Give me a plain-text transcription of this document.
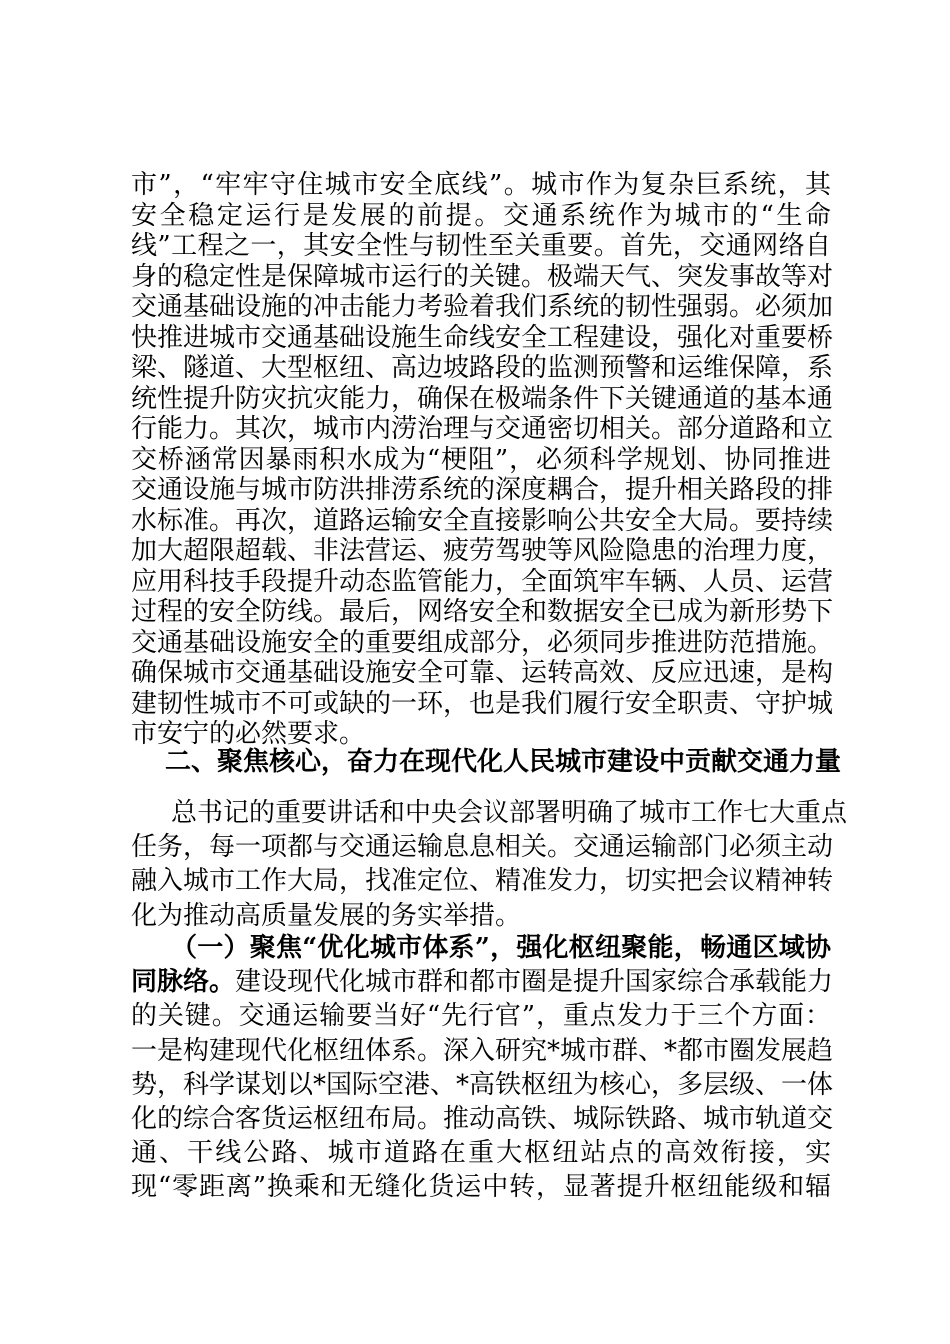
市”，“牢牢守住城市安全底线”。城市作为复杂巨系统，其
安全稳定运行是发展的前提。交通系统作为城市的“生命
线”工程之一，其安全性与韧性至关重要。首先，交通网络自
身的稳定性是保障城市运行的关键。极端天气、突发事故等对
交通基础设施的冲击能力考验着我们系统的韧性强弱。必须加
快推进城市交通基础设施生命线安全工程建设，强化对重要桥
梁、隧道、大型枢纽、高边坡路段的监测预警和运维保障，系
统性提升防灾抗灾能力，确保在极端条件下关键通道的基本通
行能力。其次，城市内涝治理与交通密切相关。部分道路和立
交桥涵常因暴雨积水成为“梗阻”，必须科学规划、协同推进
交通设施与城市防洪排涝系统的深度耦合，提升相关路段的排
水标准。再次，道路运输安全直接影响公共安全大局。要持续
加大超限超载、非法营运、疲劳驾驶等风险隐患的治理力度，
应用科技手段提升动态监管能力，全面筑牢车辆、人员、运营
过程的安全防线。最后，网络安全和数据安全已成为新形势下
交通基础设施安全的重要组成部分，必须同步推进防范措施。
确保城市交通基础设施安全可靠、运转高效、反应迅速，是构
建韧性城市不可或缺的一环，也是我们履行安全职责、守护城
市安宁的必然要求。
二、聚焦核心，奋力在现代化人民城市建设中贡献交通力量
总书记的重要讲话和中央会议部署明确了城市工作七大重点
任务，每一项都与交通运输息息相关。交通运输部门必须主动
融入城市工作大局，找准定位、精准发力，切实把会议精神转
化为推动高质量发展的务实举措。
（一）聚焦“优化城市体系”，强化枢纽聚能，畅通区域协
同脉络。建设现代化城市群和都市圈是提升国家综合承载能力
的关键。交通运输要当好“先行官”，重点发力于三个方面：
一是构建现代化枢纽体系。深入研究*城市群、*都市圈发展趋
势，科学谋划以*国际空港、*高铁枢纽为核心，多层级、一体
化的综合客货运枢纽布局。推动高铁、城际铁路、城市轨道交
通、干线公路、城市道路在重大枢纽站点的高效衔接，实
现“零距离”换乘和无缝化货运中转，显著提升枢纽能级和辐
